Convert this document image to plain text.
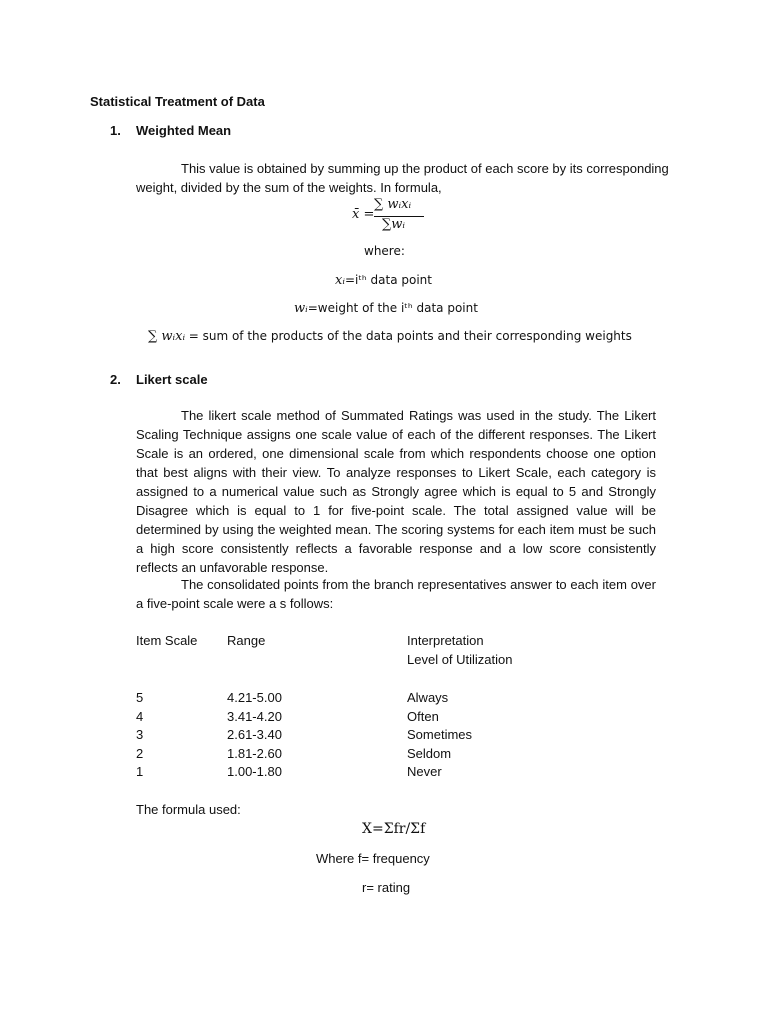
Statistical Treatment of Data
1. Weighted Mean
This value is obtained by summing up the product of each score by its corresponding
weight, divided by the sum of the weights. In formula,
x̄ =
∑ wᵢxᵢ
∑wᵢ
where:
xᵢ=iᵗʰ data point
wᵢ=weight of the iᵗʰ data point
∑ wᵢxᵢ = sum of the products of the data points and their corresponding weights
2. Likert scale
The likert scale method of Summated Ratings was used in the study. The Likert Scaling Technique assigns one scale value of each of the different responses. The Likert Scale is an ordered, one dimensional scale from which respondents choose one option that best aligns with their view. To analyze responses to Likert Scale, each category is assigned to a numerical value such as Strongly agree which is equal to 5 and Strongly Disagree which is equal to 1 for five-point scale. The total assigned value will be determined by using the weighted mean. The scoring systems for each item must be such a high score consistently reflects a favorable response and a low score consistently reflects an unfavorable response.
The consolidated points from the branch representatives answer to each item over a five-point scale were a s follows:
Item Scale Range	Interpretation
Level of Utilization
5	4.21-5.00	Always
4	3.41-4.20	Often
3	2.61-3.40	Sometimes
2	1.81-2.60	Seldom
1	1.00-1.80	Never
The formula used:
X=Σfr/Σf
Where f= frequency
r= rating
